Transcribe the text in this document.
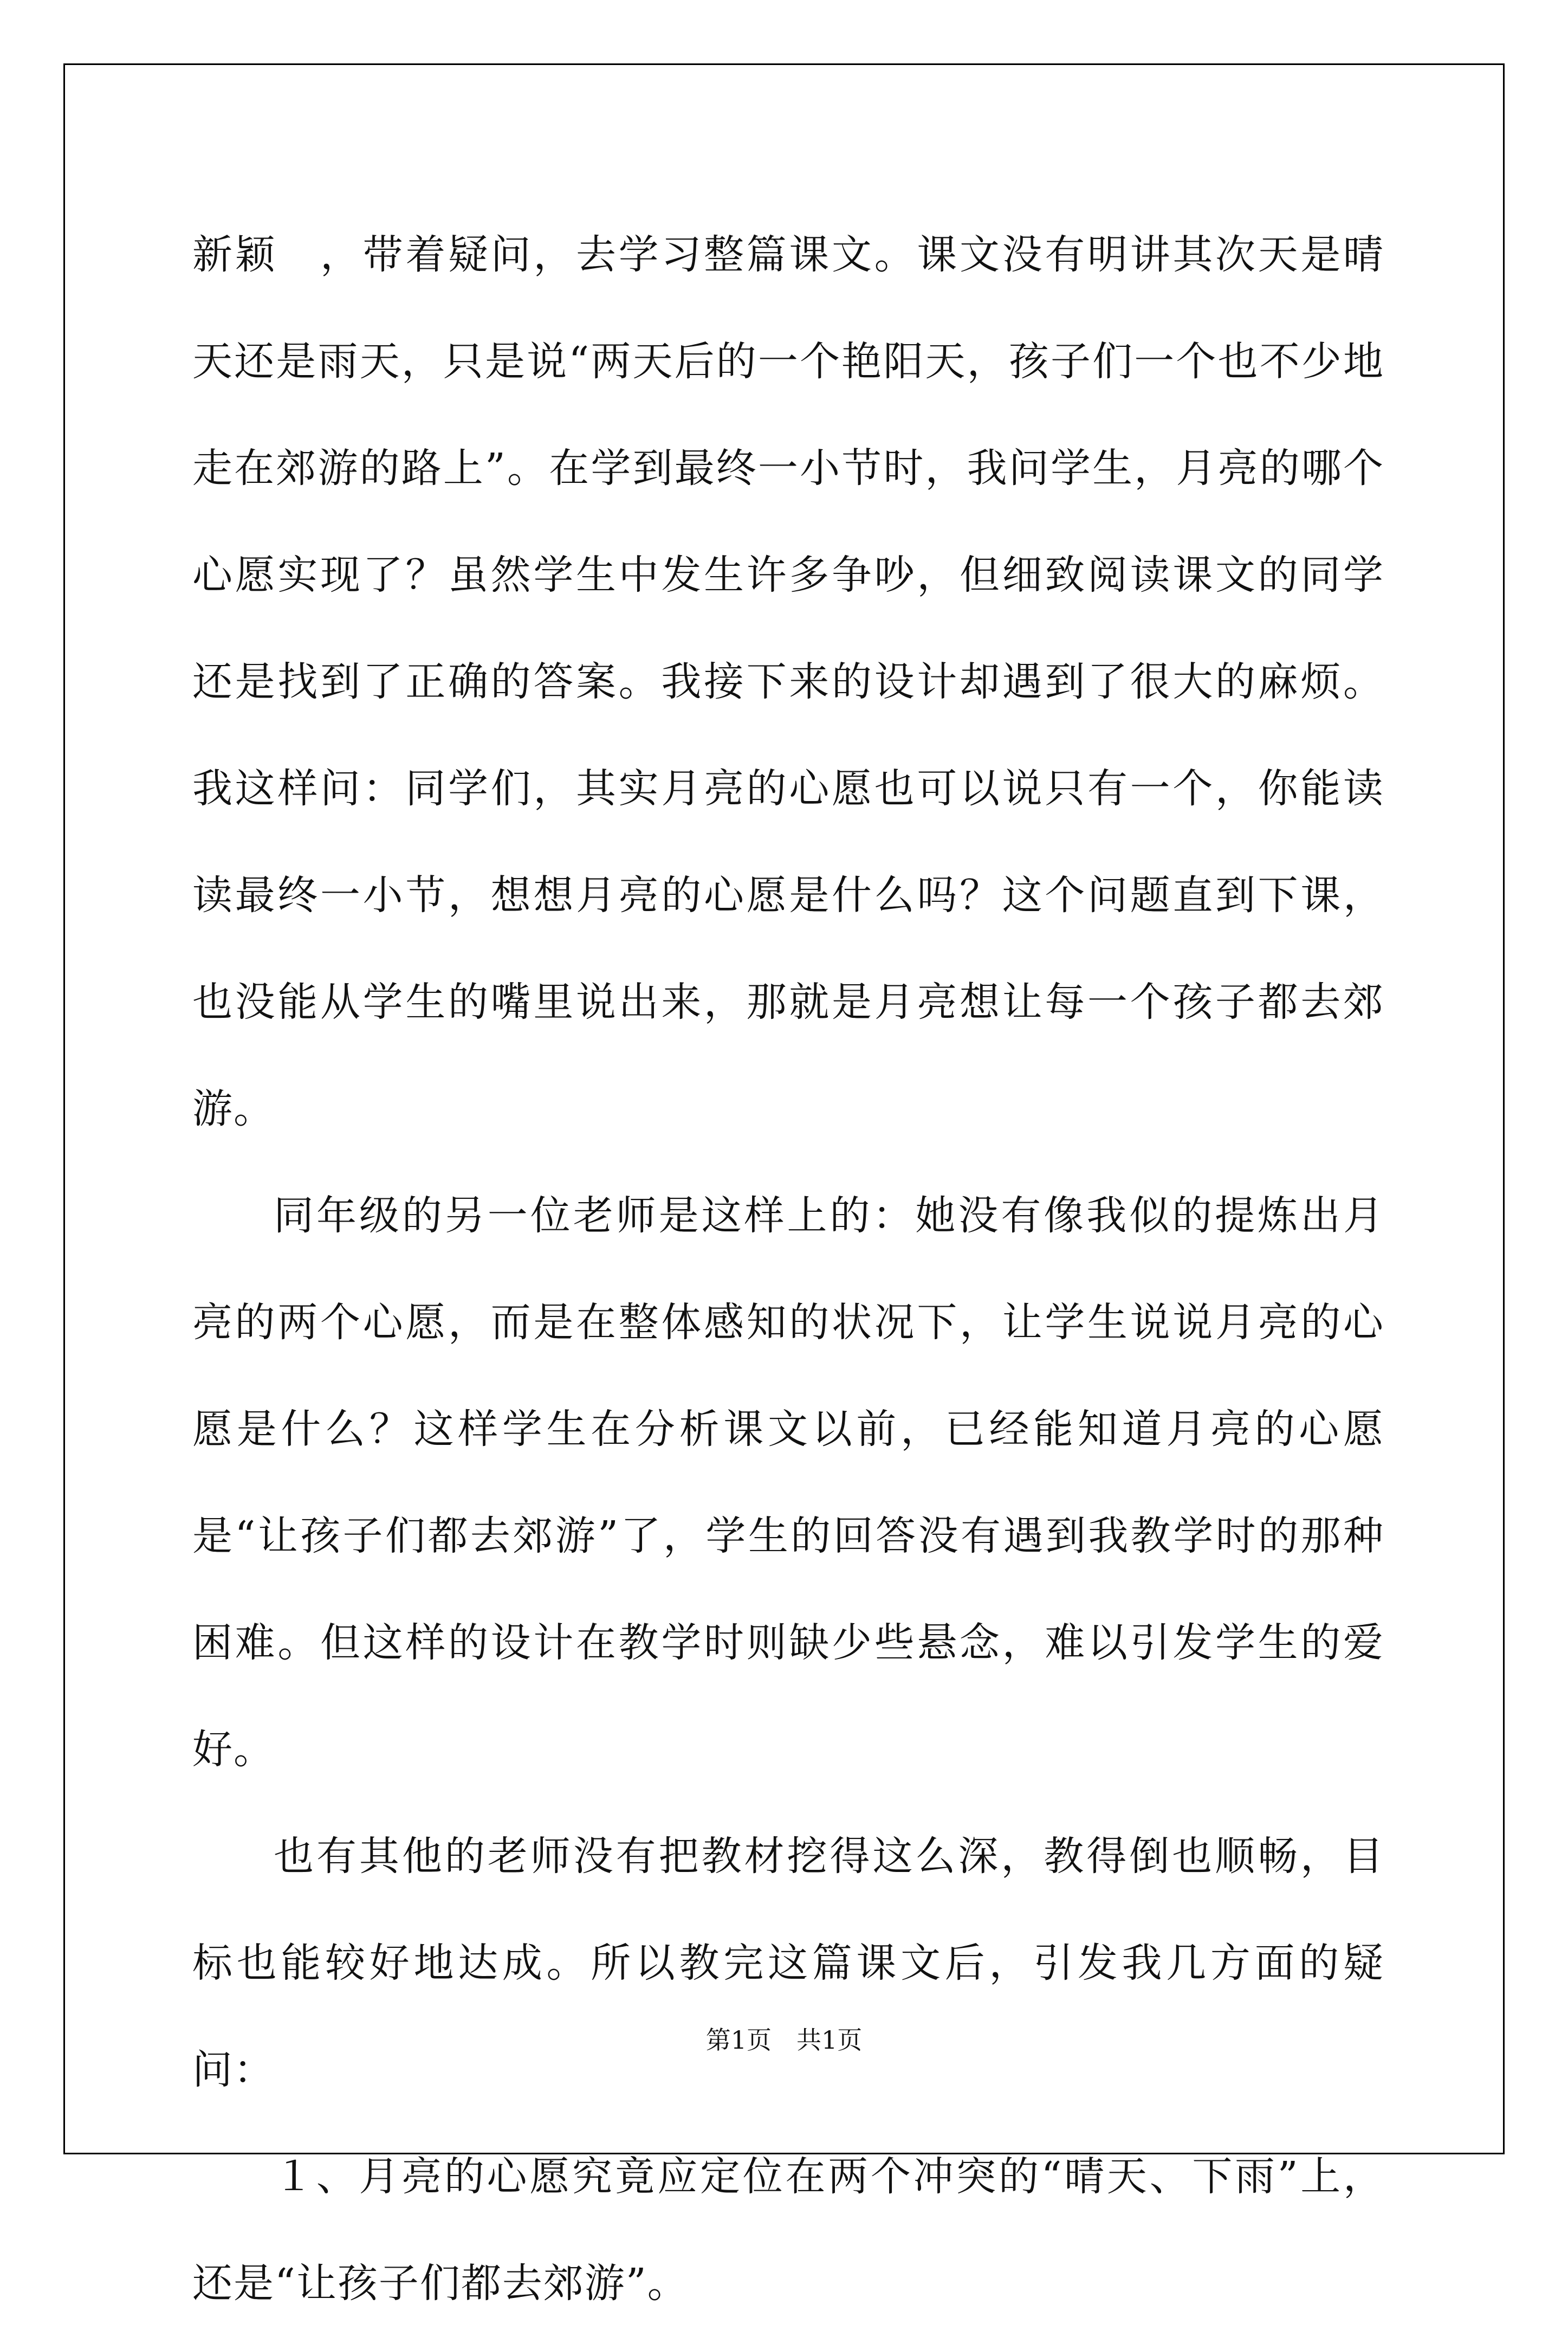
新颖　，带着疑问，去学习整篇课文。课文没有明讲其次天是晴天还是雨天，只是说“两天后的一个艳阳天，孩子们一个也不少地走在郊游的路上”。在学到最终一小节时，我问学生，月亮的哪个心愿实现了？虽然学生中发生许多争吵，但细致阅读课文的同学还是找到了正确的答案。我接下来的设计却遇到了很大的麻烦。我这样问：同学们，其实月亮的心愿也可以说只有一个，你能读读最终一小节，想想月亮的心愿是什么吗？这个问题直到下课，也没能从学生的嘴里说出来，那就是月亮想让每一个孩子都去郊游。

同年级的另一位老师是这样上的：她没有像我似的提炼出月亮的两个心愿，而是在整体感知的状况下，让学生说说月亮的心愿是什么？这样学生在分析课文以前，已经能知道月亮的心愿是“让孩子们都去郊游”了，学生的回答没有遇到我教学时的那种困难。但这样的设计在教学时则缺少些悬念，难以引发学生的爱好。

也有其他的老师没有把教材挖得这么深，教得倒也顺畅，目标也能较好地达成。所以教完这篇课文后，引发我几方面的疑问：

１、月亮的心愿究竟应定位在两个冲突的“晴天、下雨”上，还是“让孩子们都去郊游”。

第1页　共1页
